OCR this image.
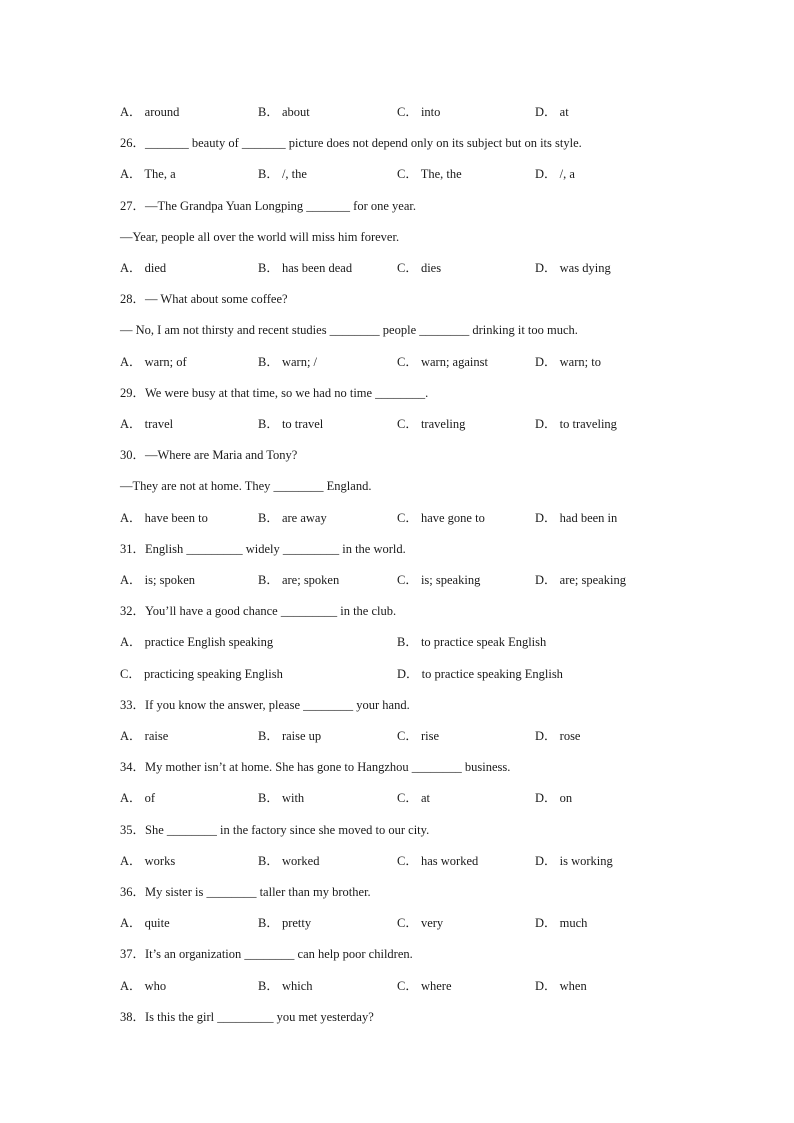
A． around	B． about	C． into	D． at
26．_______ beauty of _______ picture does not depend only on its subject but on its style.
A． The, a	B． /, the	C． The, the	D． /, a
27．—The Grandpa Yuan Longping _______ for one year.
—Year, people all over the world will miss him forever.
A． died	B． has been dead	C． dies	D． was dying
28．— What about some coffee?
— No, I am not thirsty and recent studies ________ people ________ drinking it too much.
A． warn; of	B． warn; /	C． warn; against	D． warn; to
29．We were busy at that time, so we had no time ________.
A． travel	B． to travel	C． traveling	D． to traveling
30．—Where are Maria and Tony?
—They are not at home. They ________ England.
A． have been to	B． are away	C． have gone to	D． had been in
31．English _________ widely _________ in the world.
A． is; spoken	B． are; spoken	C． is; speaking	D． are; speaking
32．You’ll have a good chance _________ in the club.
A． practice English speaking	B． to practice speak English
C． practicing speaking English	D． to practice speaking English
33．If you know the answer, please ________ your hand.
A． raise	B． raise up	C． rise	D． rose
34．My mother isn’t at home. She has gone to Hangzhou ________ business.
A． of	B． with	C． at	D． on
35．She ________ in the factory since she moved to our city.
A． works	B． worked	C． has worked	D． is working
36．My sister is ________ taller than my brother.
A． quite	B． pretty	C． very	D． much
37．It’s an organization ________ can help poor children.
A． who	B． which	C． where	D． when
38．Is this the girl _________ you met yesterday?
